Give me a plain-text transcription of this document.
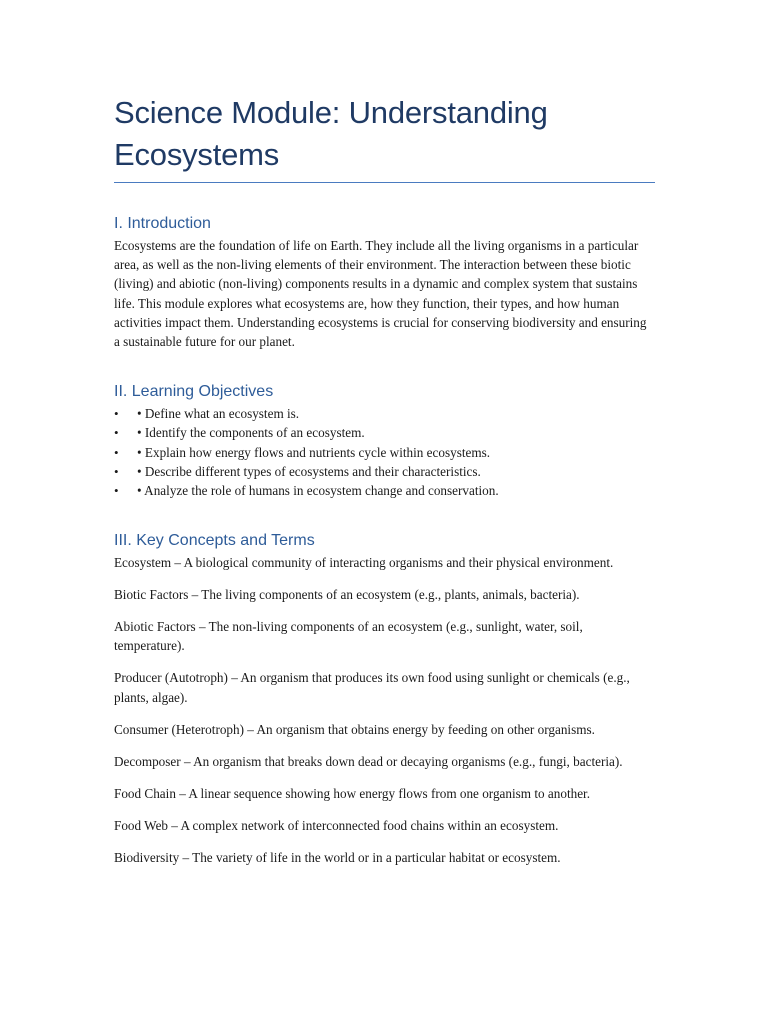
Science Module: Understanding Ecosystems
I. Introduction

Ecosystems are the foundation of life on Earth. They include all the living organisms in a particular area, as well as the non-living elements of their environment. The interaction between these biotic (living) and abiotic (non-living) components results in a dynamic and complex system that sustains life. This module explores what ecosystems are, how they function, their types, and how human activities impact them. Understanding ecosystems is crucial for conserving biodiversity and ensuring a sustainable future for our planet.

II. Learning Objectives
• • Define what an ecosystem is.
• • Identify the components of an ecosystem.
• • Explain how energy flows and nutrients cycle within ecosystems.
• • Describe different types of ecosystems and their characteristics.
• • Analyze the role of humans in ecosystem change and conservation.
III. Key Concepts and Terms

Ecosystem – A biological community of interacting organisms and their physical environment.

Biotic Factors – The living components of an ecosystem (e.g., plants, animals, bacteria).

Abiotic Factors – The non-living components of an ecosystem (e.g., sunlight, water, soil, temperature).

Producer (Autotroph) – An organism that produces its own food using sunlight or chemicals (e.g., plants, algae).

Consumer (Heterotroph) – An organism that obtains energy by feeding on other organisms.

Decomposer – An organism that breaks down dead or decaying organisms (e.g., fungi, bacteria).

Food Chain – A linear sequence showing how energy flows from one organism to another.

Food Web – A complex network of interconnected food chains within an ecosystem.

Biodiversity – The variety of life in the world or in a particular habitat or ecosystem.
